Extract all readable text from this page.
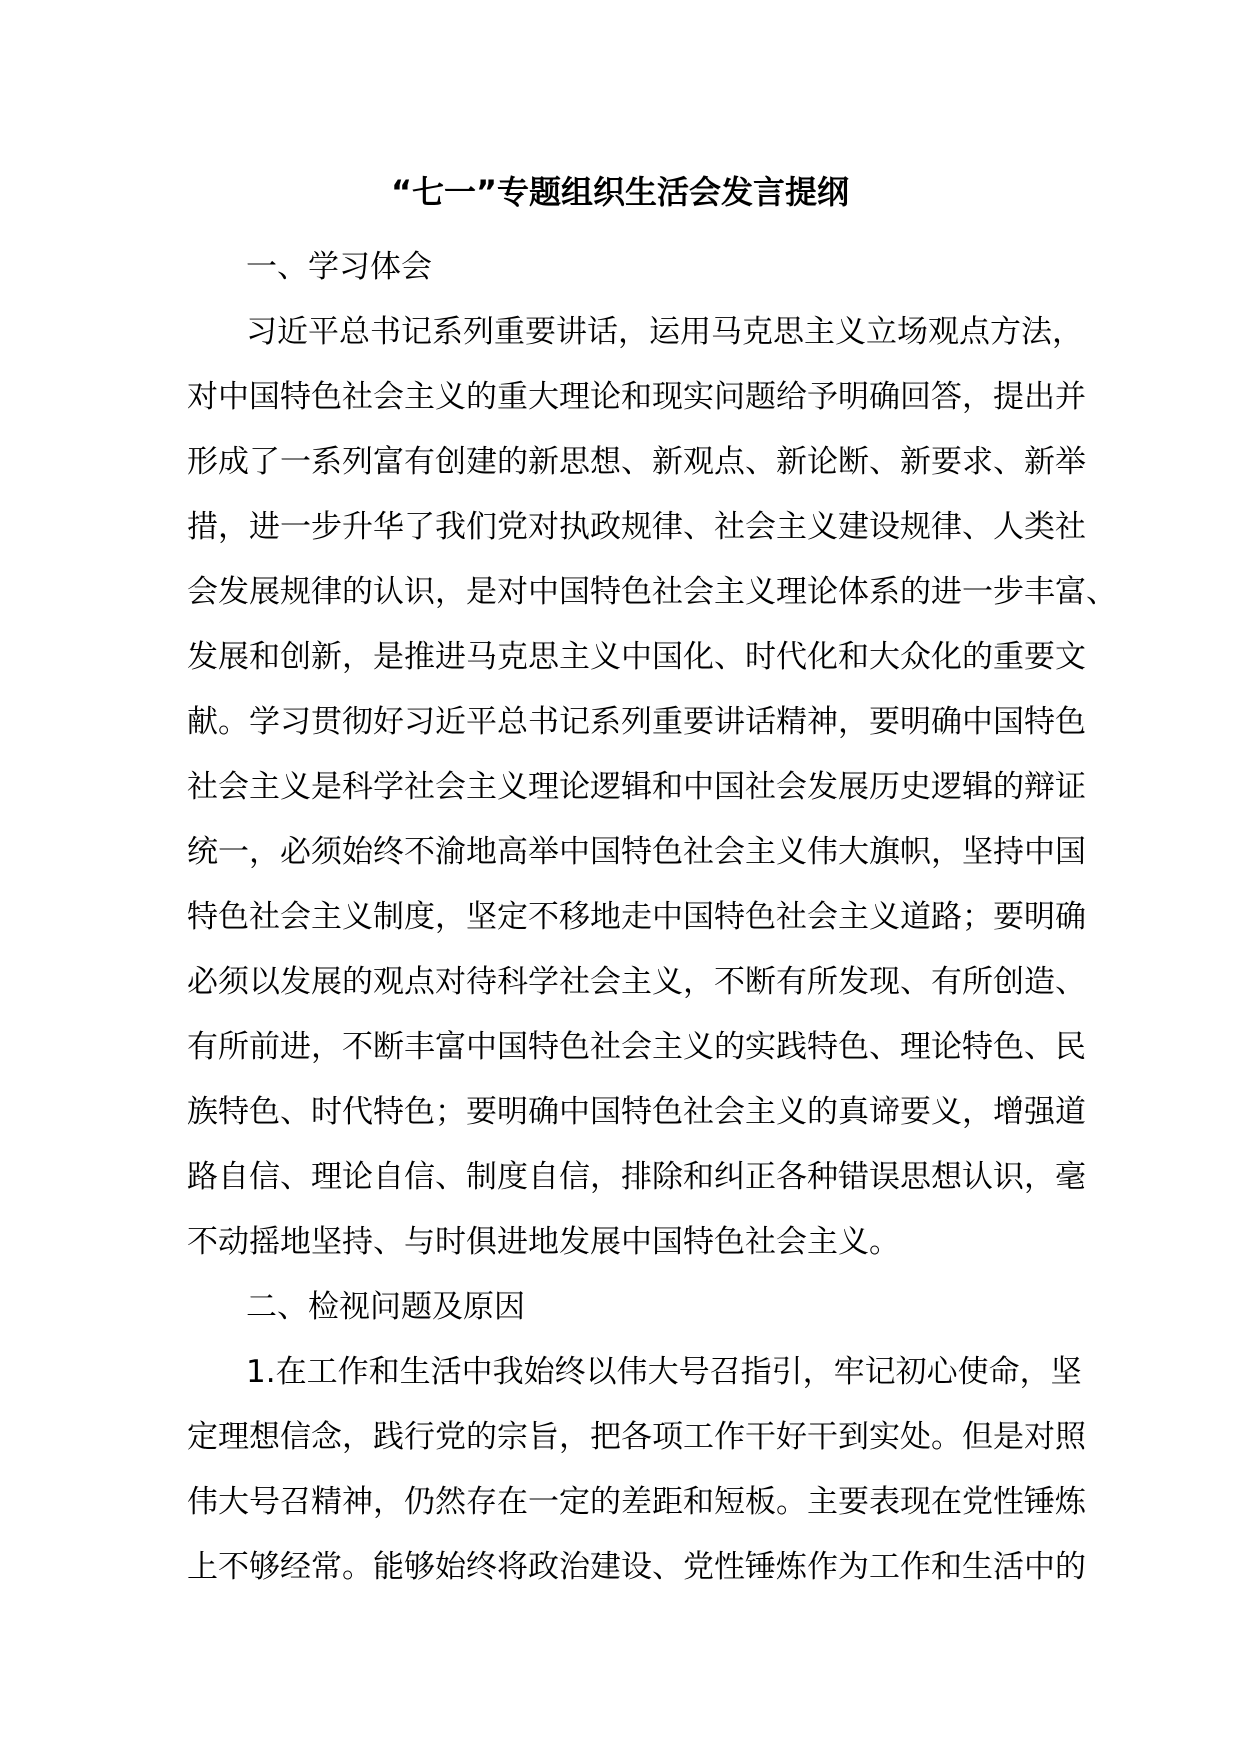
“七一”专题组织生活会发言提纲
一、学习体会
习近平总书记系列重要讲话，运用马克思主义立场观点方法，
对中国特色社会主义的重大理论和现实问题给予明确回答，提出并
形成了一系列富有创建的新思想、新观点、新论断、新要求、新举
措，进一步升华了我们党对执政规律、社会主义建设规律、人类社
会发展规律的认识，是对中国特色社会主义理论体系的进一步丰富、
发展和创新，是推进马克思主义中国化、时代化和大众化的重要文
献。学习贯彻好习近平总书记系列重要讲话精神，要明确中国特色
社会主义是科学社会主义理论逻辑和中国社会发展历史逻辑的辩证
统一，必须始终不渝地高举中国特色社会主义伟大旗帜，坚持中国
特色社会主义制度，坚定不移地走中国特色社会主义道路；要明确
必须以发展的观点对待科学社会主义，不断有所发现、有所创造、
有所前进，不断丰富中国特色社会主义的实践特色、理论特色、民
族特色、时代特色；要明确中国特色社会主义的真谛要义，增强道
路自信、理论自信、制度自信，排除和纠正各种错误思想认识，毫
不动摇地坚持、与时俱进地发展中国特色社会主义。
二、检视问题及原因
1.在工作和生活中我始终以伟大号召指引，牢记初心使命，坚
定理想信念，践行党的宗旨，把各项工作干好干到实处。但是对照
伟大号召精神，仍然存在一定的差距和短板。主要表现在党性锤炼
上不够经常。能够始终将政治建设、党性锤炼作为工作和生活中的
